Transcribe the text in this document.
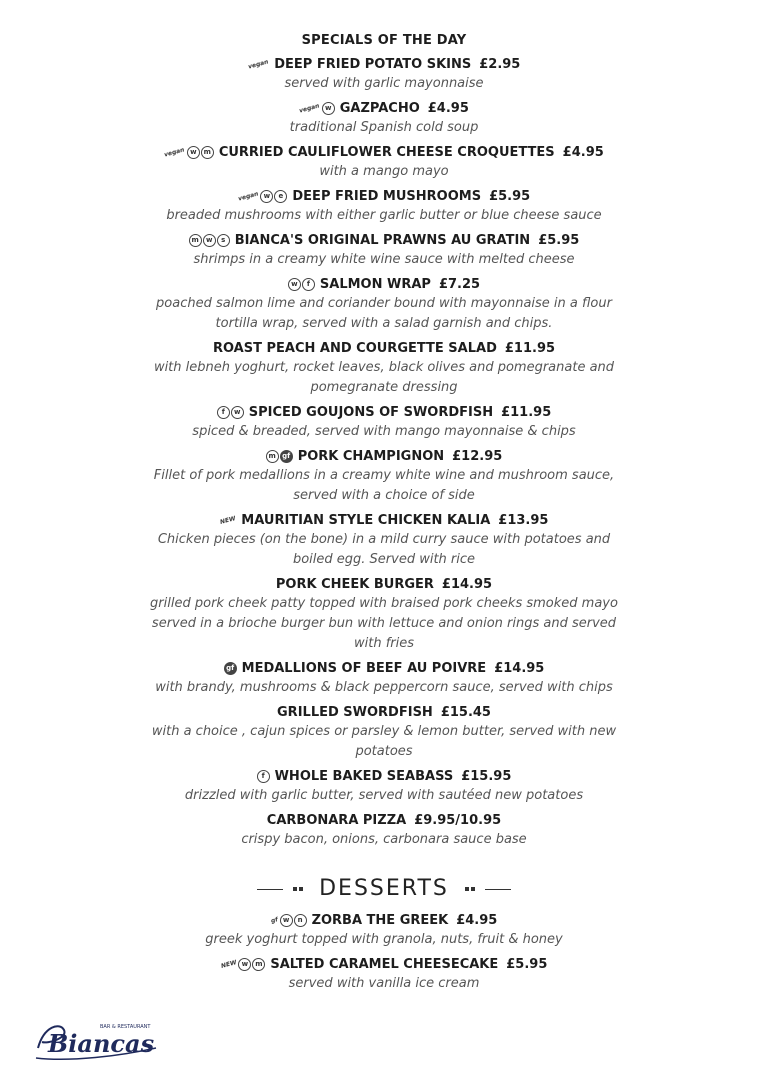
SPECIALS OF THE DAY
vegan DEEP FRIED POTATO SKINS £2.95
served with garlic mayonnaise
vegan w GAZPACHO £4.95
traditional Spanish cold soup
vegan w m CURRIED CAULIFLOWER CHEESE CROQUETTES £4.95
with a mango mayo
vegan w e DEEP FRIED MUSHROOMS £5.95
breaded mushrooms with either garlic butter or blue cheese sauce
m w s BIANCA'S ORIGINAL PRAWNS AU GRATIN £5.95
shrimps in a creamy white wine sauce with melted cheese
w f SALMON WRAP £7.25
poached salmon lime and coriander bound with mayonnaise in a flour tortilla wrap, served with a salad garnish and chips.
ROAST PEACH AND COURGETTE SALAD £11.95
with lebneh yoghurt, rocket leaves, black olives and pomegranate and pomegranate dressing
f w SPICED GOUJONS OF SWORDFISH £11.95
spiced & breaded, served with mango mayonnaise & chips
m gf PORK CHAMPIGNON £12.95
Fillet of pork medallions in a creamy white wine and mushroom sauce, served with a choice of side
NEW MAURITIAN STYLE CHICKEN KALIA £13.95
Chicken pieces (on the bone) in a mild curry sauce with potatoes and boiled egg. Served with rice
PORK CHEEK BURGER £14.95
grilled pork cheek patty topped with braised pork cheeks smoked mayo served in a brioche burger bun with lettuce and onion rings and served with fries
gf MEDALLIONS OF BEEF AU POIVRE £14.95
with brandy, mushrooms & black peppercorn sauce, served with chips
GRILLED SWORDFISH £15.45
with a choice , cajun spices or parsley & lemon butter, served with new potatoes
f WHOLE BAKED SEABASS £15.95
drizzled with garlic butter, served with sautéed new potatoes
CARBONARA PIZZA £9.95/10.95
crispy bacon, onions, carbonara sauce base
DESSERTS
gf w n ZORBA THE GREEK £4.95
greek yoghurt topped with granola, nuts, fruit & honey
NEW w m SALTED CARAMEL CHEESECAKE £5.95
served with vanilla ice cream
Biancas
BAR & RESTAURANT
